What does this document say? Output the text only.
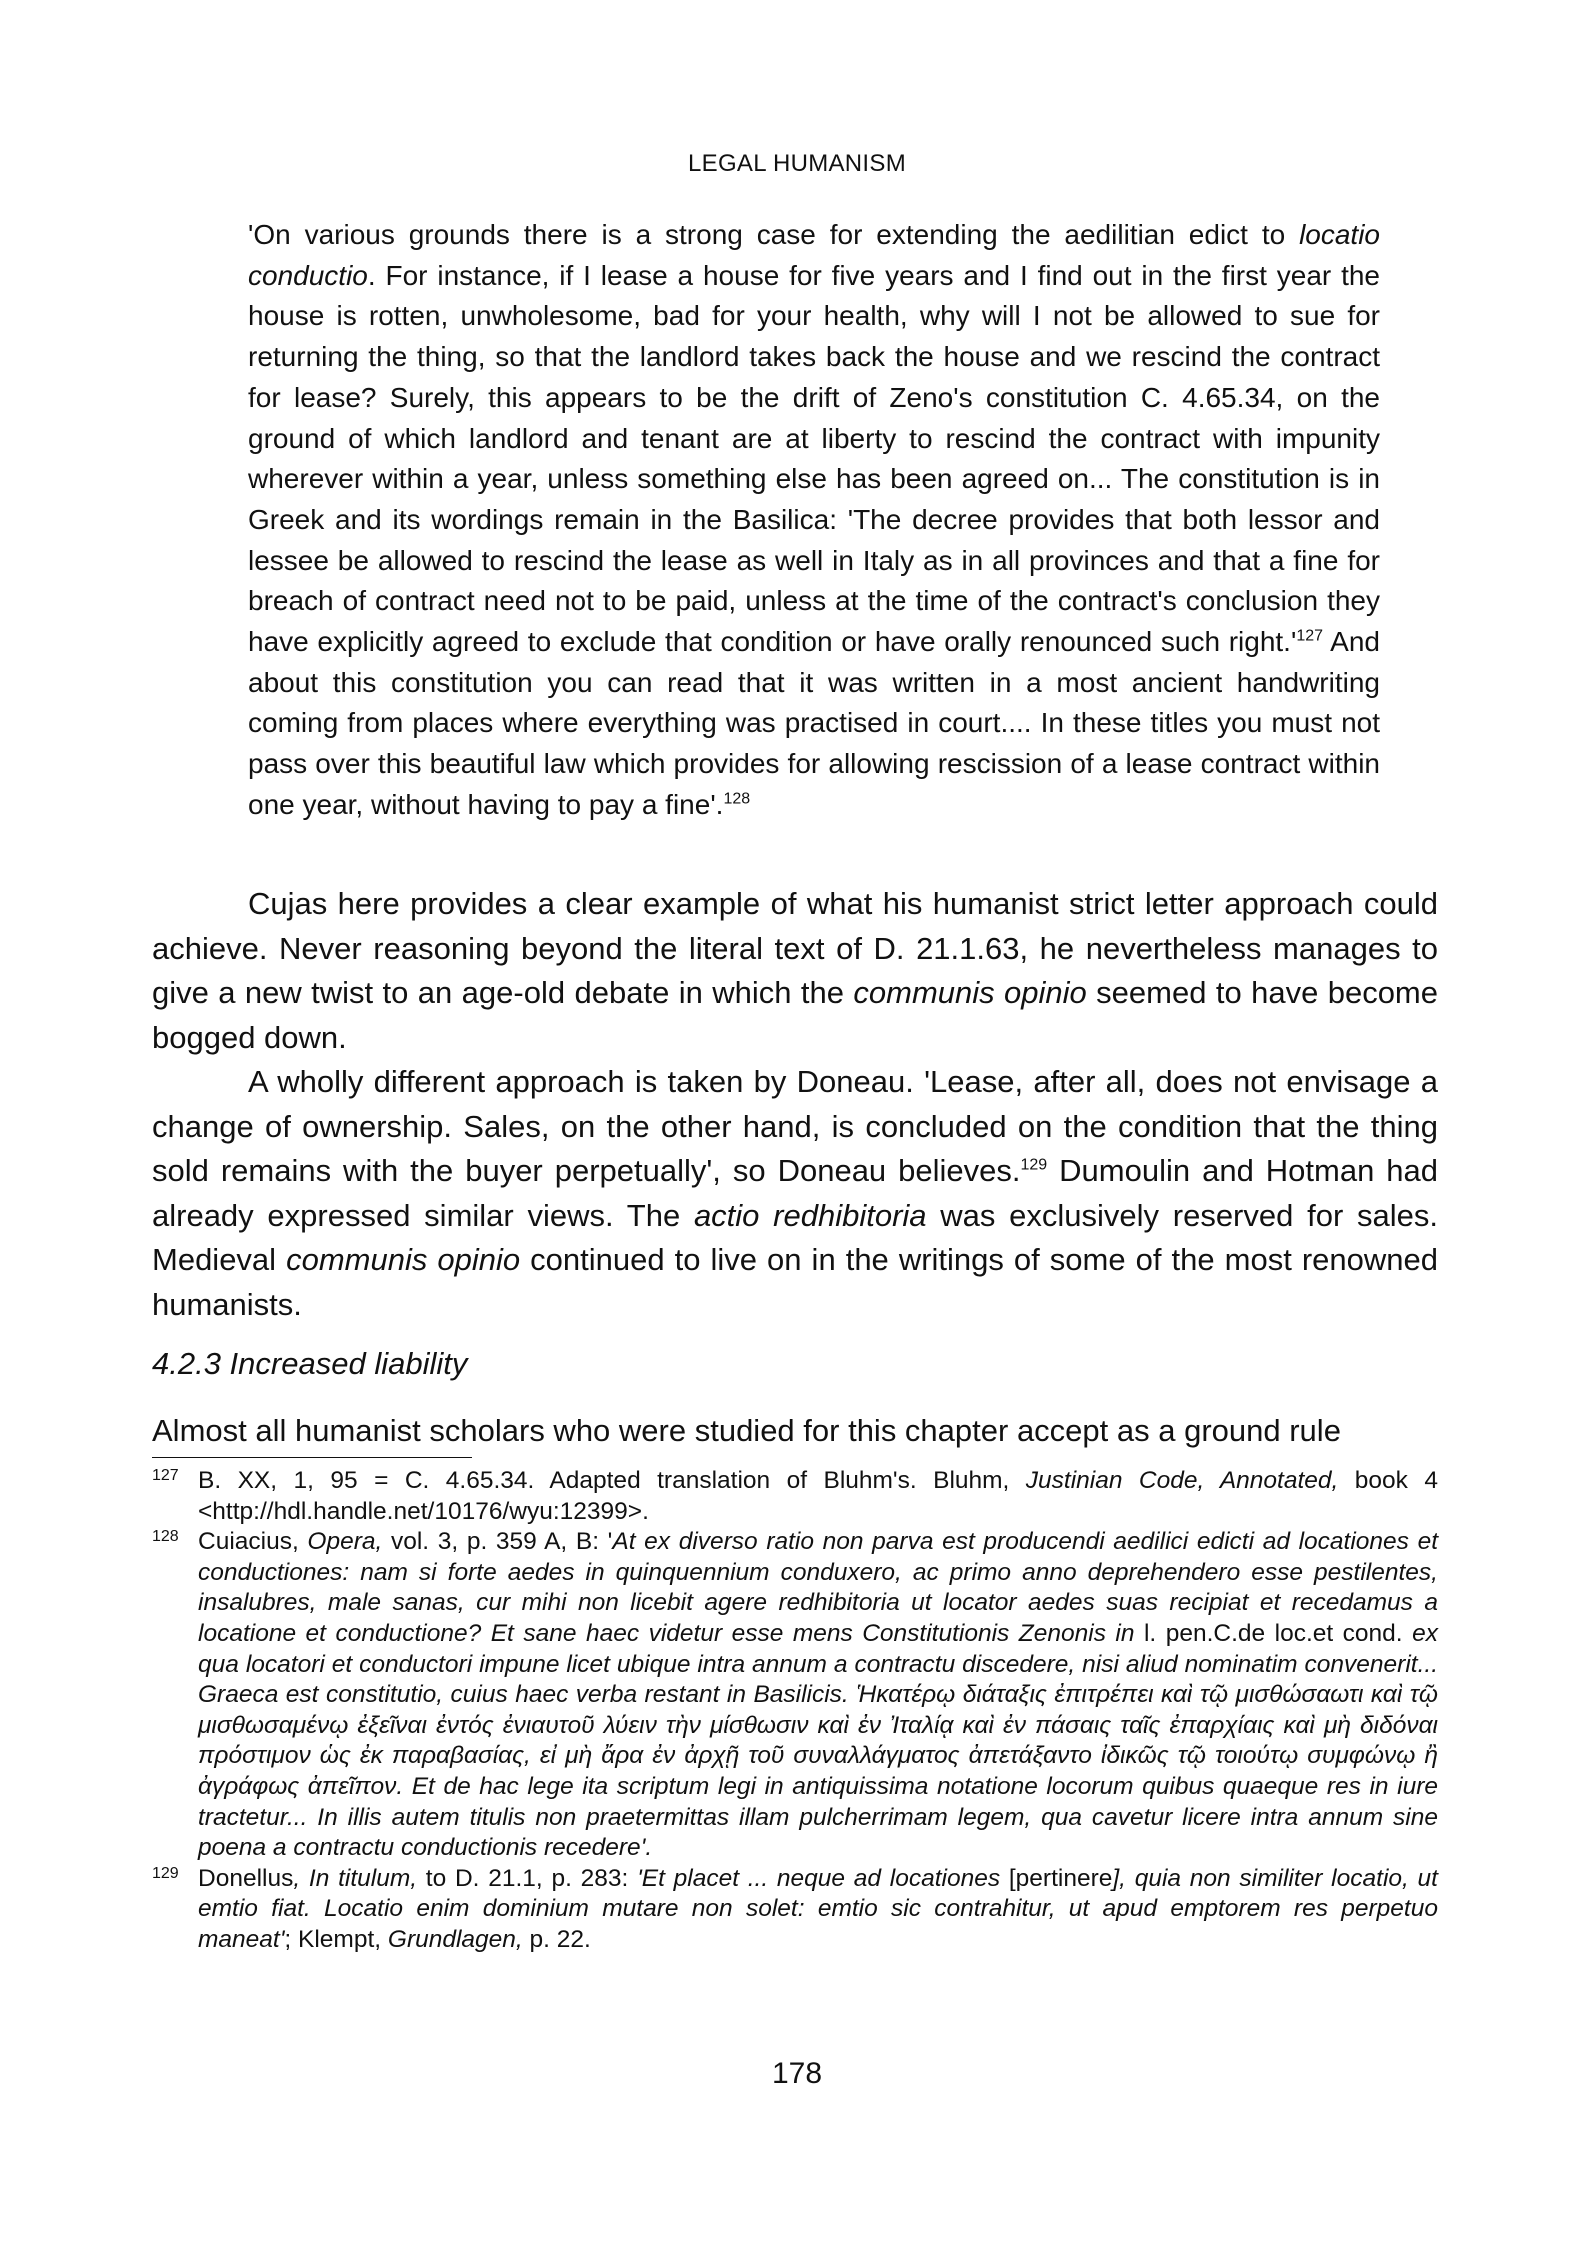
LEGAL HUMANISM

'On various grounds there is a strong case for extending the aedilitian edict to locatio conductio. For instance, if I lease a house for five years and I find out in the first year the house is rotten, unwholesome, bad for your health, why will I not be allowed to sue for returning the thing, so that the landlord takes back the house and we rescind the contract for lease? Surely, this appears to be the drift of Zeno's constitution C. 4.65.34, on the ground of which landlord and tenant are at liberty to rescind the contract with impunity wherever within a year, unless something else has been agreed on... The constitution is in Greek and its wordings remain in the Basilica: 'The decree provides that both lessor and lessee be allowed to rescind the lease as well in Italy as in all provinces and that a fine for breach of contract need not to be paid, unless at the time of the contract's conclusion they have explicitly agreed to exclude that condition or have orally renounced such $right.'^{127}$ And about this constitution you can read that it was written in a most ancient handwriting coming from places where everything was practised in court.... In these titles you must not pass over this beautiful law which provides for allowing rescission of a lease contract within one year, without having to pay a fine'.$^{128}$

Cujas here provides a clear example of what his humanist strict letter approach could achieve. Never reasoning beyond the literal text of D. 21.1.63, he nevertheless manages to give a new twist to an age-old debate in which the communis opinio seemed to have become bogged down.

A wholly different approach is taken by Doneau. 'Lease, after all, does not envisage a change of ownership. Sales, on the other hand, is concluded on the condition that the thing sold remains with the buyer perpetually', so Doneau believes.$^{129}$ Dumoulin and Hotman had already expressed similar views. The actio redhibitoria was exclusively reserved for sales. Medieval communis opinio continued to live on in the writings of some of the most renowned humanists.

4.2.3 Increased liability

Almost all humanist scholars who were studied for this chapter accept as a ground rule

127 B. XX, 1, 95 = C. 4.65.34. Adapted translation of Bluhm's. Bluhm, Justinian Code, Annotated, book 4 <http://hdl.handle.net/10176/wyu:12399>.

128 Cuiacius, Opera, vol. 3, p. 359 A, B: 'At ex diverso ratio non parva est producendi aedilici edicti ad locationes et conductiones: nam si forte aedes in quinquennium conduxero, ac primo anno deprehendero esse pestilentes, insalubres, male sanas, cur mihi non licebit agere redhibitoria ut locator aedes suas recipiat et recedamus a locatione et conductione? Et sane haec videtur esse mens Constitutionis Zenonis in l. pen.C.de loc.et cond. ex qua locatori et conductori impune licet ubique intra annum a contractu discedere, nisi aliud nominatim convenerit... Graeca est constitutio, cuius haec verba restant in Basilicis. Ἡκατέρῳ διάταξις ἐπιτρέπει καὶ τῷ μισθώσαωτι καὶ τῷ μισθωσαμένῳ ἐξεῖναι ἐντός ἐνιαυτοῦ λύειν τὴν μίσθωσιν καὶ ἐν Ἰταλίᾳ καὶ ἐν πάσαις ταῖς ἐπαρχίαις καὶ μὴ διδόναι πρόστιμον ὡς ἐκ παραβασίας, εἰ μὴ ἄρα ἐν ἀρχῇ τοῦ συναλλάγματος ἀπετάξαντο ἰδικῶς τῷ τοιούτῳ συμφώνῳ ἢ ἀγράφως ἀπεῖπον. Et de hac lege ita scriptum legi in antiquissima notatione locorum quibus quaeque res in iure tractetur... In illis autem titulis non praetermittas illam pulcherrimam legem, qua cavetur licere intra annum sine poena a contractu conductionis recedere'.

129 Donellus, In titulum, to D. 21.1, p. 283: 'Et placet ... neque ad locationes [pertinere], quia non similiter locatio, ut emtio fiat. Locatio enim dominium mutare non solet: emtio sic contrahitur, ut apud emptorem res perpetuo maneat'; Klempt, Grundlagen, p. 22.

178
